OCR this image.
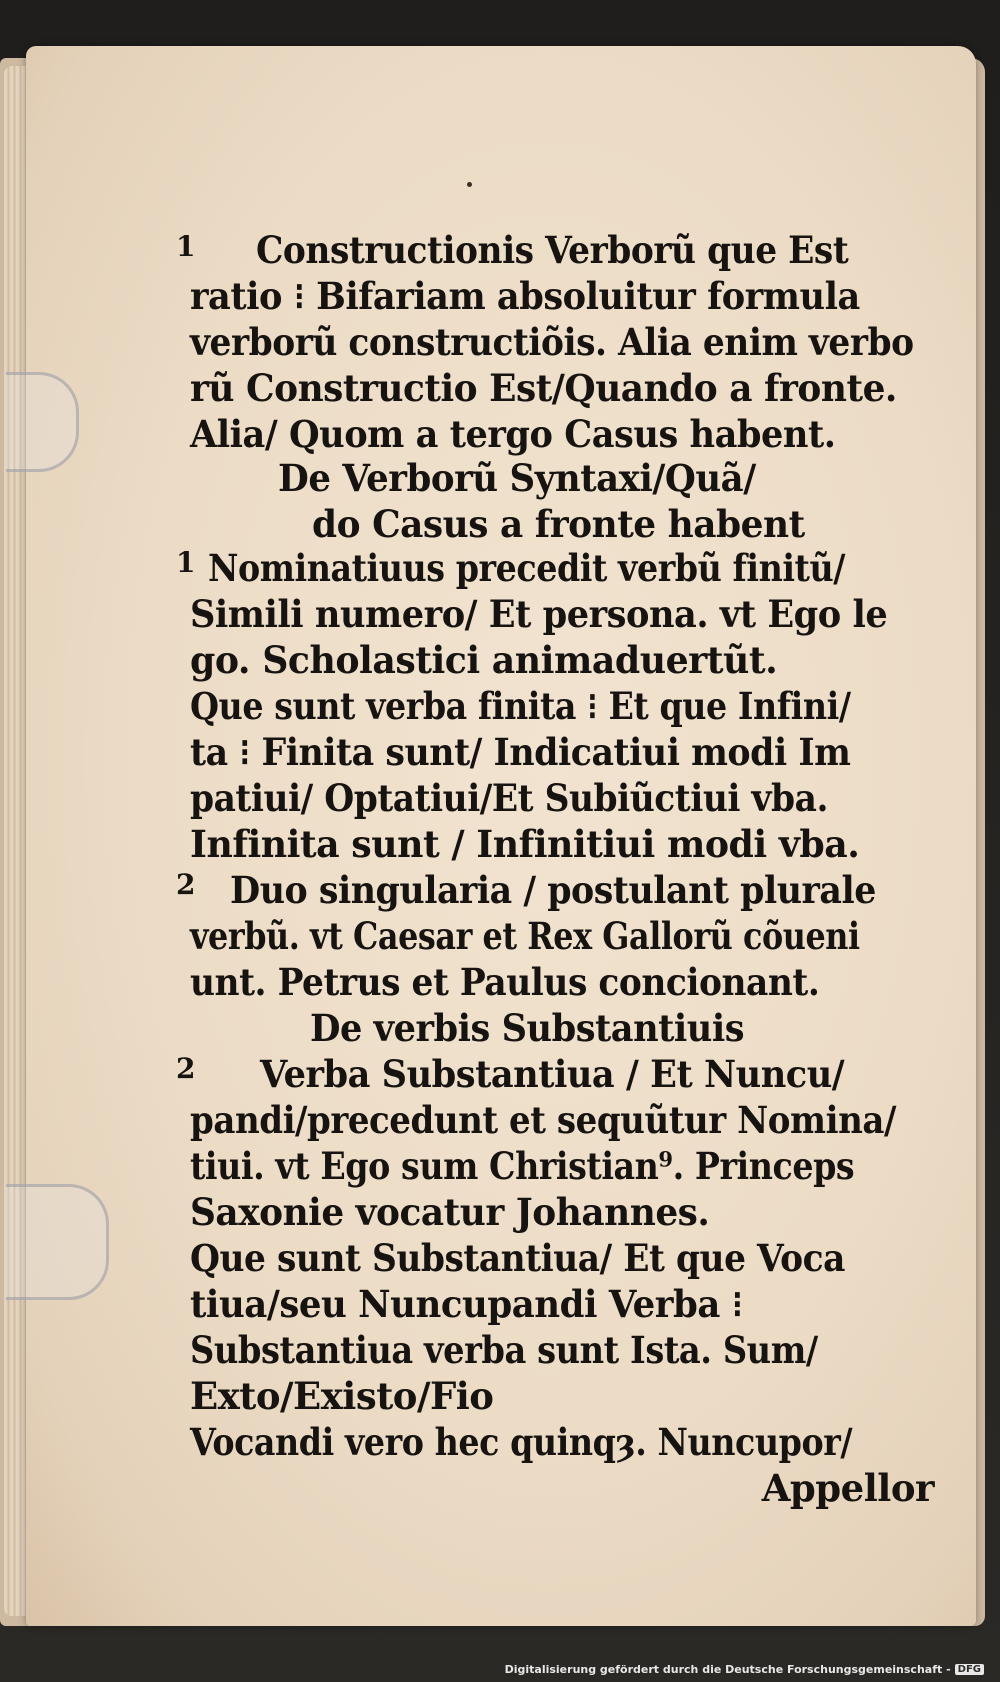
1 Constructionis Verborũ que Est
ratio ⁝ Bifariam absoluitur formula
verborũ constructiõis. Alia enim verbo
rũ Constructio Est/Quando a fronte.
Alia/ Quom a tergo Casus habent.
De Verborũ Syntaxi/Quã/
do Casus a fronte habent
1 Nominatiuus precedit verbũ finitũ/
Simili numero/ Et persona. vt Ego le
go. Scholastici animaduertũt.
Que sunt verba finita ⁝ Et que Infini/
ta ⁝ Finita sunt/ Indicatiui modi Im
patiui/ Optatiui/Et Subiũctiui vba.
Infinita sunt / Infinitiui modi vba.
2 Duo singularia / postulant plurale
verbũ. vt Caesar et Rex Gallorũ cõueni
unt. Petrus et Paulus concionant.
De verbis Substantiuis
2 Verba Substantiua / Et Nuncu/
pandi/precedunt et sequũtur Nomina/
tiui. vt Ego sum Christian⁹. Princeps
Saxonie vocatur Johannes.
Que sunt Substantiua/ Et que Voca
tiua/seu Nuncupandi Verba ⁝
Substantiua verba sunt Ista. Sum/
Exto/Existo/Fio
Vocandi vero hec quinqȝ. Nuncupor/
Appellor
Digitalisierung gefördert durch die Deutsche Forschungsgemeinschaft - DFG
